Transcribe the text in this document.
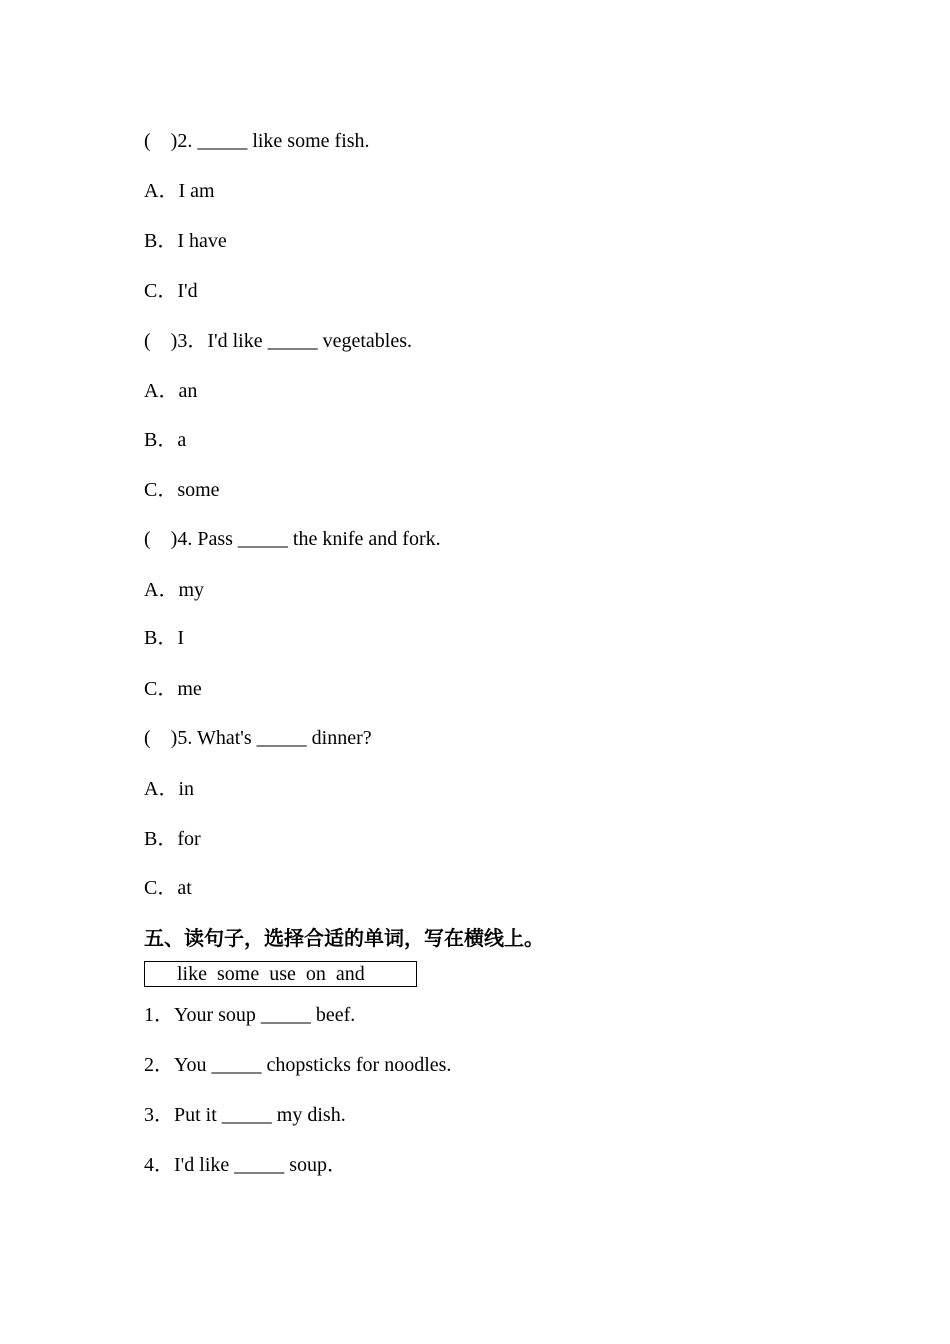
(    )2. _____ like some fish.
A．I am
B．I have
C．I'd
(    )3．I'd like _____ vegetables.
A．an
B．a
C．some
(    )4. Pass _____ the knife and fork.
A．my
B．I
C．me
(    )5. What's _____ dinner?
A．in
B．for
C．at
五、读句子，选择合适的单词，写在横线上。
like  some  use  on  and
1．Your soup _____ beef.
2．You _____ chopsticks for noodles.
3．Put it _____ my dish.
4．I'd like _____ soup．
